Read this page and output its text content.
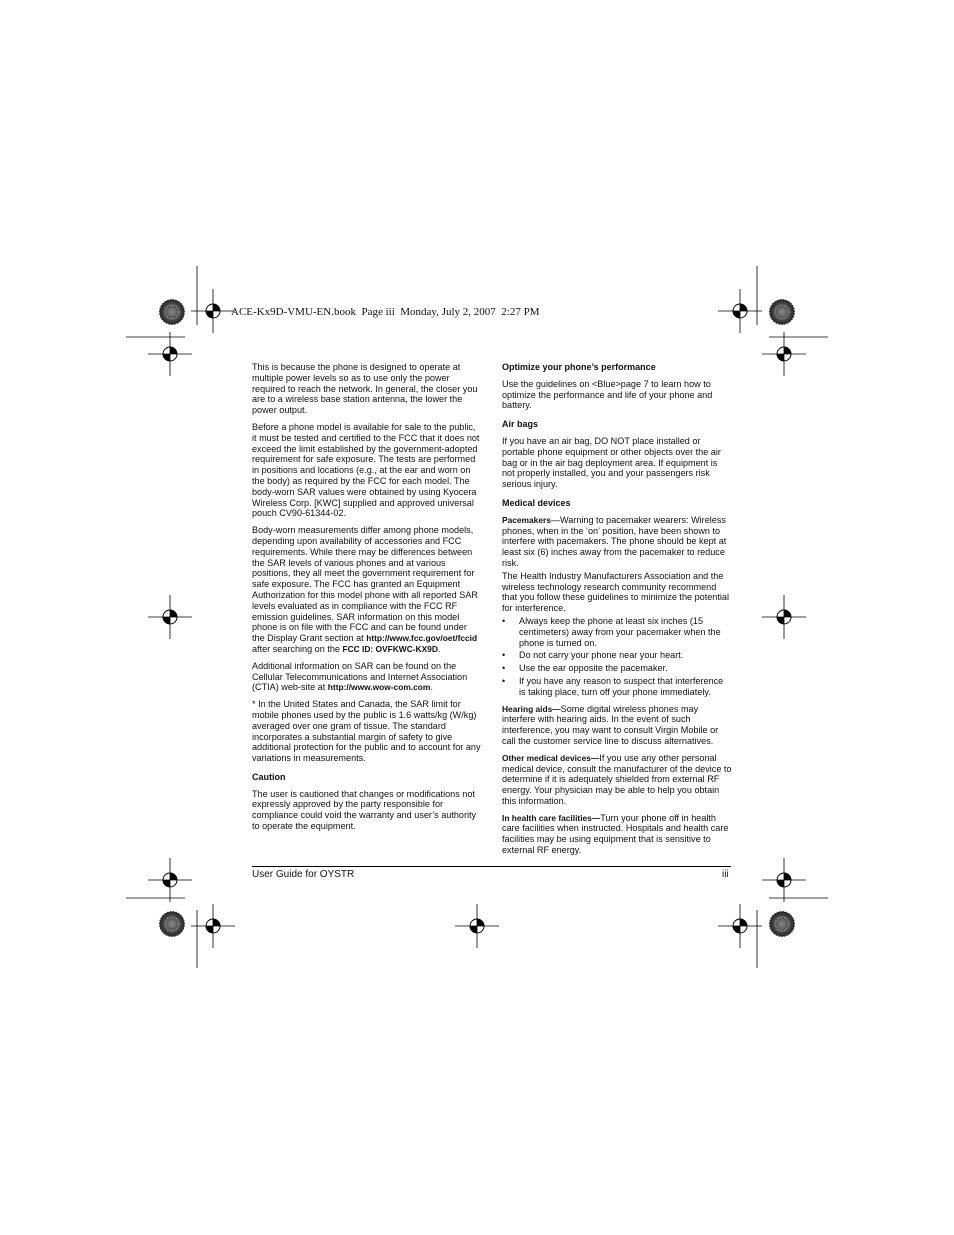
ACE-Kx9D-VMU-EN.book  Page iii  Monday, July 2, 2007  2:27 PM

This is because the phone is designed to operate at multiple power levels so as to use only the power required to reach the network. In general, the closer you are to a wireless base station antenna, the lower the power output.

Before a phone model is available for sale to the public, it must be tested and certified to the FCC that it does not exceed the limit established by the government-adopted requirement for safe exposure. The tests are performed in positions and locations (e.g., at the ear and worn on the body) as required by the FCC for each model. The body-worn SAR values were obtained by using Kyocera Wireless Corp. [KWC] supplied and approved universal pouch CV90-61344-02.

Body-worn measurements differ among phone models, depending upon availability of accessories and FCC requirements. While there may be differences between the SAR levels of various phones and at various positions, they all meet the government requirement for safe exposure. The FCC has granted an Equipment Authorization for this model phone with all reported SAR levels evaluated as in compliance with the FCC RF emission guidelines. SAR information on this model phone is on file with the FCC and can be found under the Display Grant section at http://www.fcc.gov/oet/fccid after searching on the FCC ID: OVFKWC-KX9D.

Additional information on SAR can be found on the Cellular Telecommunications and Internet Association (CTIA) web-site at http://www.wow-com.com.

* In the United States and Canada, the SAR limit for mobile phones used by the public is 1.6 watts/kg (W/kg) averaged over one gram of tissue. The standard incorporates a substantial margin of safety to give additional protection for the public and to account for any variations in measurements.

Caution

The user is cautioned that changes or modifications not expressly approved by the party responsible for compliance could void the warranty and user’s authority to operate the equipment.

Optimize your phone’s performance

Use the guidelines on <Blue>page 7 to learn how to optimize the performance and life of your phone and battery.

Air bags

If you have an air bag, DO NOT place installed or portable phone equipment or other objects over the air bag or in the air bag deployment area. If equipment is not properly installed, you and your passengers risk serious injury.

Medical devices

Pacemakers—Warning to pacemaker wearers: Wireless phones, when in the ‘on’ position, have been shown to interfere with pacemakers. The phone should be kept at least six (6) inches away from the pacemaker to reduce risk.

The Health Industry Manufacturers Association and the wireless technology research community recommend that you follow these guidelines to minimize the potential for interference.

• Always keep the phone at least six inches (15 centimeters) away from your pacemaker when the phone is turned on.
• Do not carry your phone near your heart.
• Use the ear opposite the pacemaker.
• If you have any reason to suspect that interference is taking place, turn off your phone immediately.

Hearing aids—Some digital wireless phones may interfere with hearing aids. In the event of such interference, you may want to consult Virgin Mobile or call the customer service line to discuss alternatives.

Other medical devices—If you use any other personal medical device, consult the manufacturer of the device to determine if it is adequately shielded from external RF energy. Your physician may be able to help you obtain this information.

In health care facilities—Turn your phone off in health care facilities when instructed. Hospitals and health care facilities may be using equipment that is sensitive to external RF energy.

User Guide for OYSTR	iii
